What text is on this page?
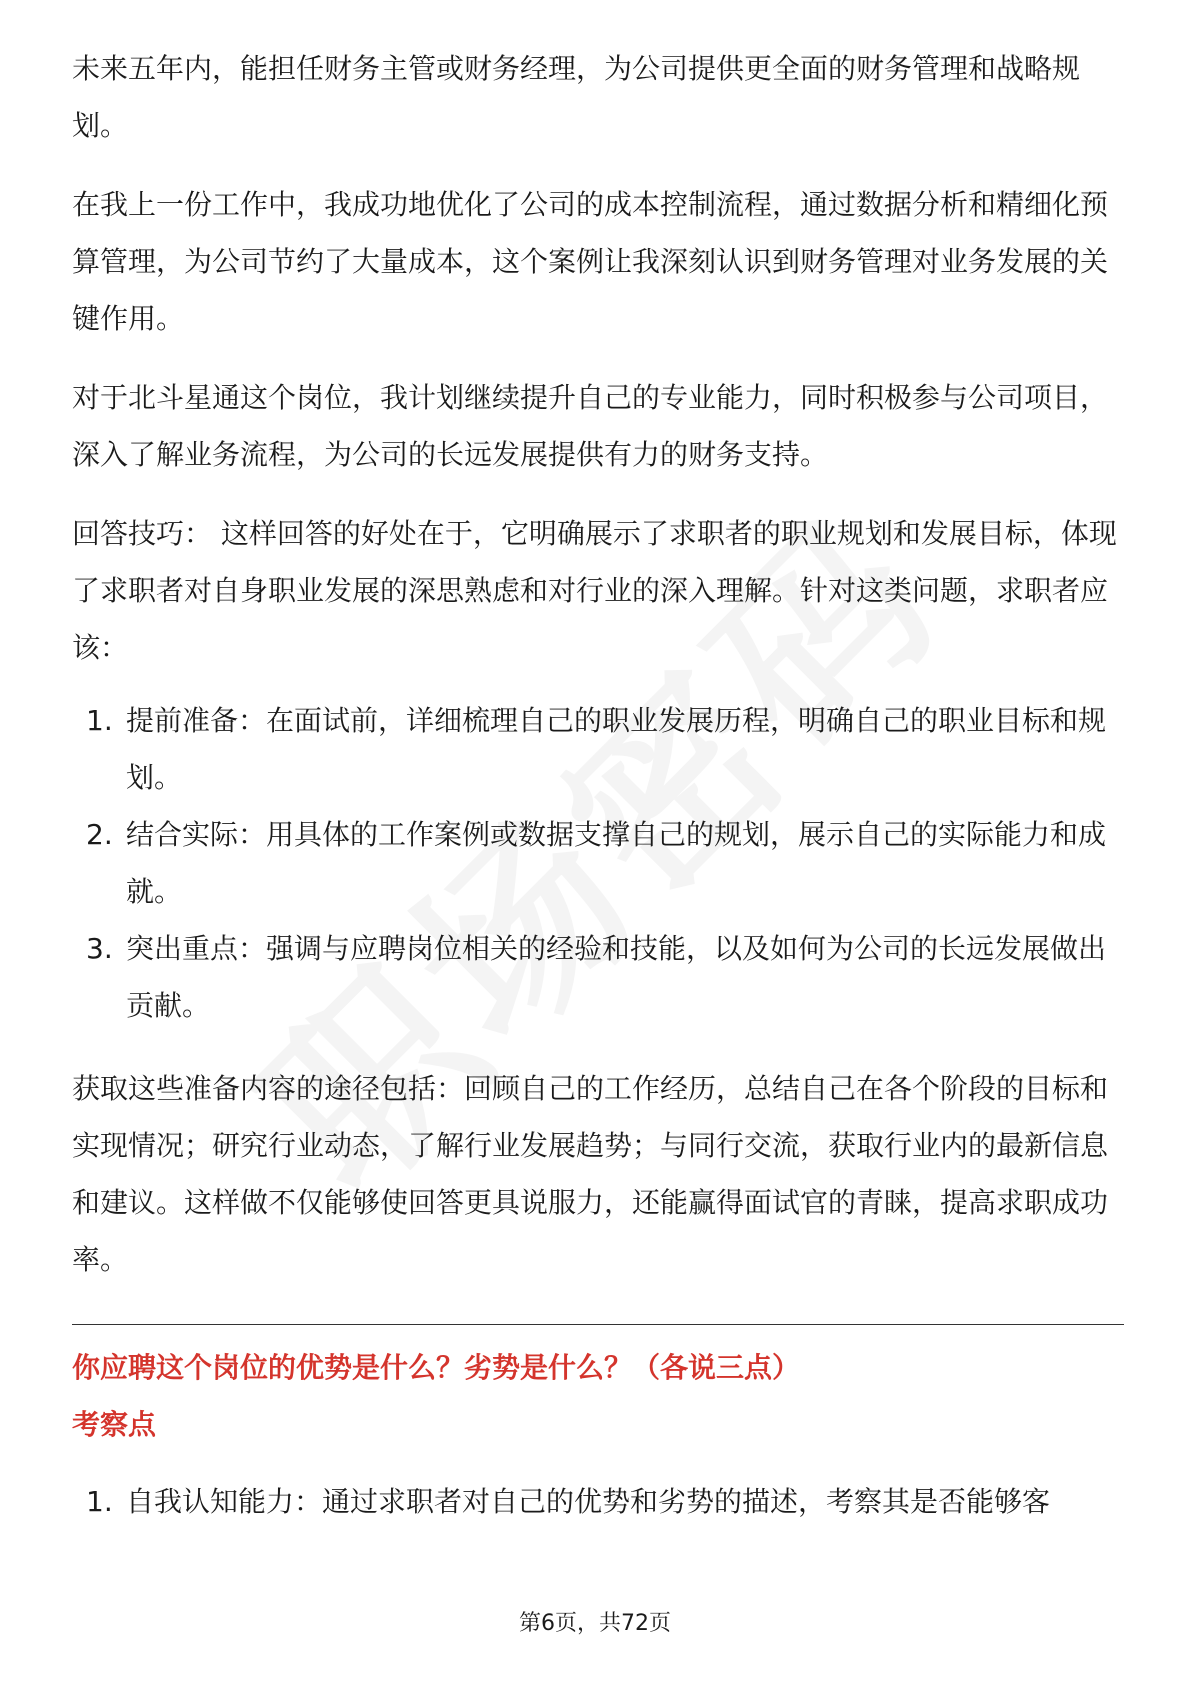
未来五年内，能担任财务主管或财务经理，为公司提供更全面的财务管理和战略规划。

在我上一份工作中，我成功地优化了公司的成本控制流程，通过数据分析和精细化预算管理，为公司节约了大量成本，这个案例让我深刻认识到财务管理对业务发展的关键作用。

对于北斗星通这个岗位，我计划继续提升自己的专业能力，同时积极参与公司项目，深入了解业务流程，为公司的长远发展提供有力的财务支持。

回答技巧： 这样回答的好处在于，它明确展示了求职者的职业规划和发展目标，体现了求职者对自身职业发展的深思熟虑和对行业的深入理解。针对这类问题，求职者应该：

1. 提前准备：在面试前，详细梳理自己的职业发展历程，明确自己的职业目标和规划。
2. 结合实际：用具体的工作案例或数据支撑自己的规划，展示自己的实际能力和成就。
3. 突出重点：强调与应聘岗位相关的经验和技能，以及如何为公司的长远发展做出贡献。

获取这些准备内容的途径包括：回顾自己的工作经历，总结自己在各个阶段的目标和实现情况；研究行业动态，了解行业发展趋势；与同行交流，获取行业内的最新信息和建议。这样做不仅能够使回答更具说服力，还能赢得面试官的青睐，提高求职成功率。

你应聘这个岗位的优势是什么？劣势是什么？（各说三点）

考察点

1. 自我认知能力：通过求职者对自己的优势和劣势的描述，考察其是否能够客
第6页，共72页
